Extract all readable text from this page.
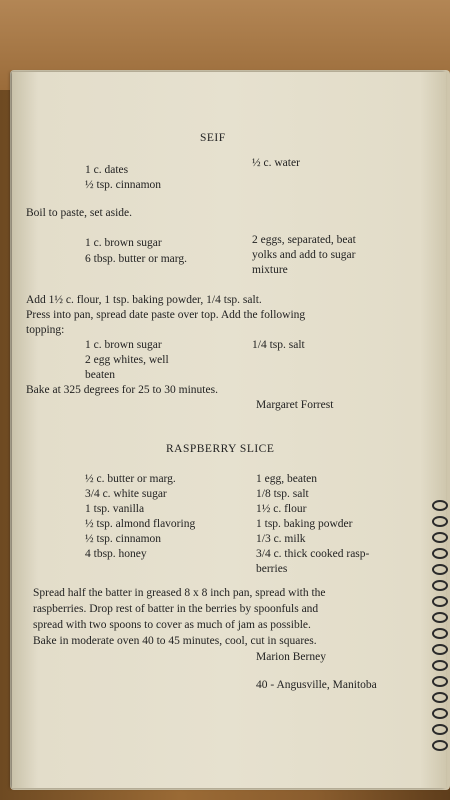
SEIF
1 c. dates
½ tsp. cinnamon
½ c. water
Boil to paste, set aside.
1 c. brown sugar
6 tbsp. butter or marg.
2 eggs, separated, beat
yolks and add to sugar
mixture
Add 1½ c. flour, 1 tsp. baking powder, 1/4 tsp. salt.
Press into pan, spread date paste over top. Add the following
topping:
1 c. brown sugar
2 egg whites, well
beaten
1/4 tsp. salt
Bake at 325 degrees for 25 to 30 minutes.
Margaret Forrest
RASPBERRY SLICE
½ c. butter or marg.
3/4 c. white sugar
1 tsp. vanilla
½ tsp. almond flavoring
½ tsp. cinnamon
4 tbsp. honey
1 egg, beaten
1/8 tsp. salt
1½ c. flour
1 tsp. baking powder
1/3 c. milk
3/4 c. thick cooked rasp-
berries
Spread half the batter in greased 8 x 8 inch pan, spread with the
raspberries. Drop rest of batter in the berries by spoonfuls and
spread with two spoons to cover as much of jam as possible.
Bake in moderate oven 40 to 45 minutes, cool, cut in squares.
Marion Berney
40 - Angusville, Manitoba
